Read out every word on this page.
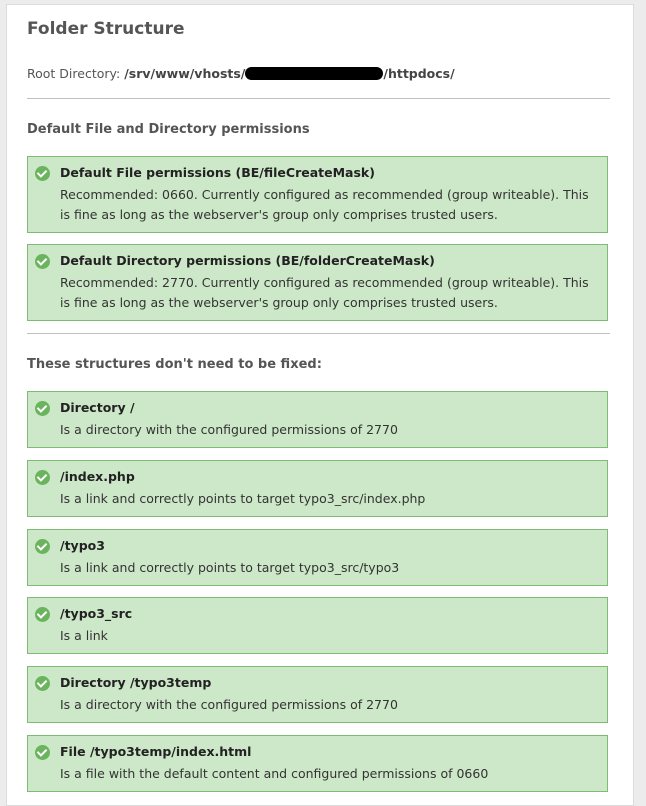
Folder Structure
Root Directory: /srv/www/vhosts/	/httpdocs/
Default File and Directory permissions
Default File permissions (BE/fileCreateMask)
Recommended: 0660. Currently configured as recommended (group writeable). This is fine as long as the webserver's group only comprises trusted users.
Default Directory permissions (BE/folderCreateMask)
Recommended: 2770. Currently configured as recommended (group writeable). This is fine as long as the webserver's group only comprises trusted users.
These structures don't need to be fixed:
Directory /
Is a directory with the configured permissions of 2770
/index.php
Is a link and correctly points to target typo3_src/index.php
/typo3
Is a link and correctly points to target typo3_src/typo3
/typo3_src
Is a link
Directory /typo3temp
Is a directory with the configured permissions of 2770
File /typo3temp/index.html
Is a file with the default content and configured permissions of 0660
